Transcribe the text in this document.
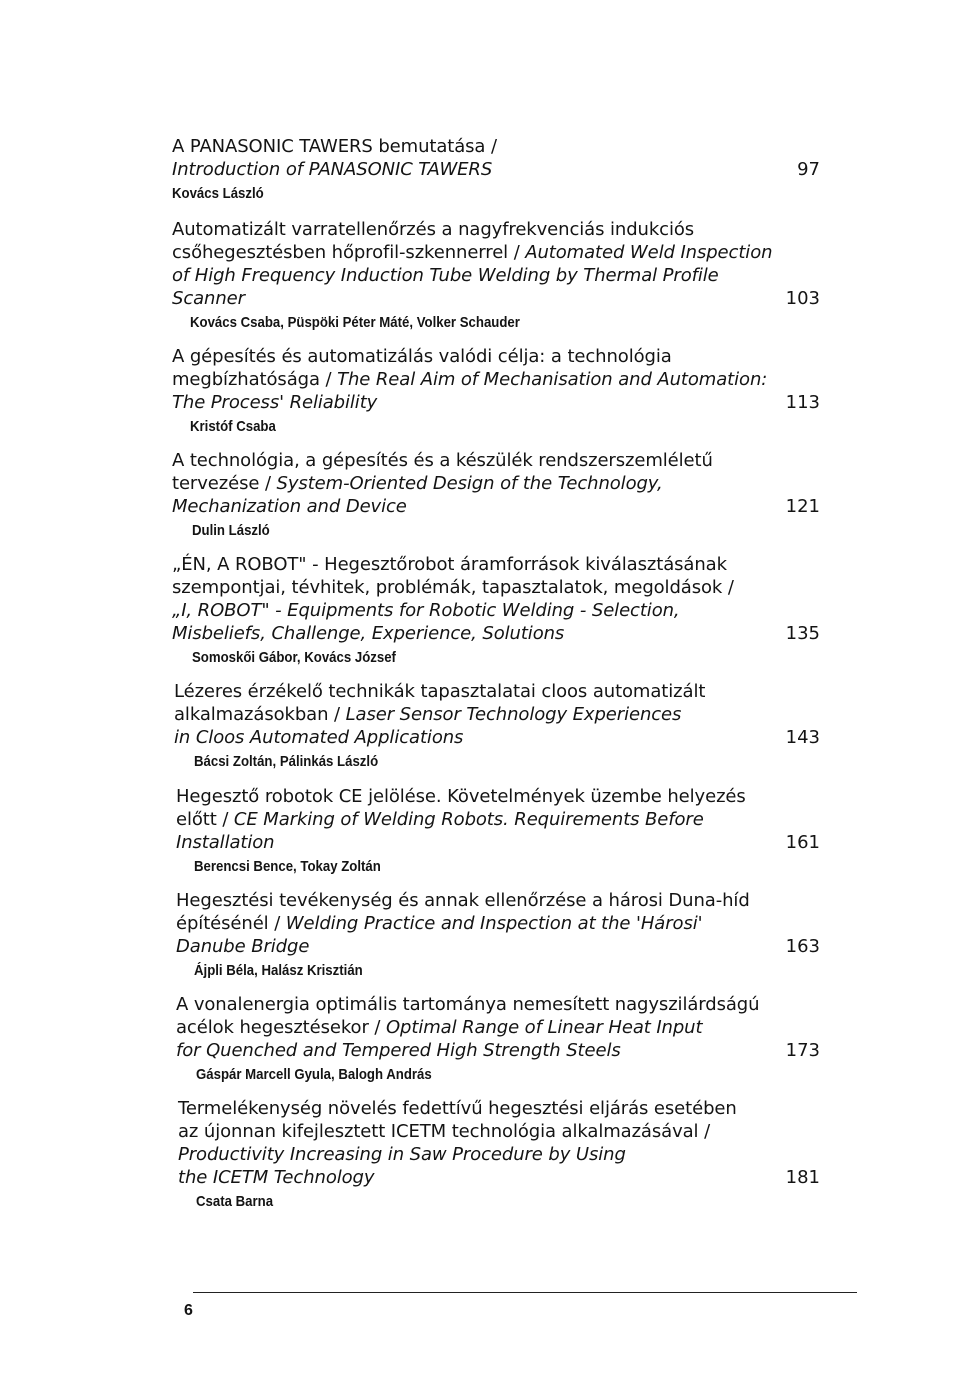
A PANASONIC TAWERS bemutatása /
Introduction of PANASONIC TAWERS
Kovács László
97
Automatizált varratellenőrzés a nagyfrekvenciás indukciós
csőhegesztésben hőprofil-szkennerrel / Automated Weld Inspection
of High Frequency Induction Tube Welding by Thermal Profile
Scanner
Kovács Csaba, Püspöki Péter Máté, Volker Schauder
103
A gépesítés és automatizálás valódi célja: a technológia
megbízhatósága / The Real Aim of Mechanisation and Automation:
The Process' Reliability
Kristóf Csaba
113
A technológia, a gépesítés és a készülék rendszerszemléletű
tervezése / System-Oriented Design of the Technology,
Mechanization and Device
Dulin László
121
„ÉN, A ROBOT" - Hegesztőrobot áramforrások kiválasztásának
szempontjai, tévhitek, problémák, tapasztalatok, megoldások /
„I, ROBOT" - Equipments for Robotic Welding - Selection,
Misbeliefs, Challenge, Experience, Solutions
Somoskői Gábor, Kovács József
135
Lézeres érzékelő technikák tapasztalatai cloos automatizált
alkalmazásokban / Laser Sensor Technology Experiences
in Cloos Automated Applications
Bácsi Zoltán, Pálinkás László
143
Hegesztő robotok CE jelölése. Követelmények üzembe helyezés
előtt / CE Marking of Welding Robots. Requirements Before
Installation
Berencsi Bence, Tokay Zoltán
161
Hegesztési tevékenység és annak ellenőrzése a hárosi Duna-híd
építésénél / Welding Practice and Inspection at the 'Hárosi'
Danube Bridge
Ájpli Béla, Halász Krisztián
163
A vonalenergia optimális tartománya nemesített nagyszilárdságú
acélok hegesztésekor / Optimal Range of Linear Heat Input
for Quenched and Tempered High Strength Steels
Gáspár Marcell Gyula, Balogh András
173
Termelékenység növelés fedettívű hegesztési eljárás esetében
az újonnan kifejlesztett ICETM technológia alkalmazásával /
Productivity Increasing in Saw Procedure by Using
the ICETM Technology
Csata Barna
181
6
